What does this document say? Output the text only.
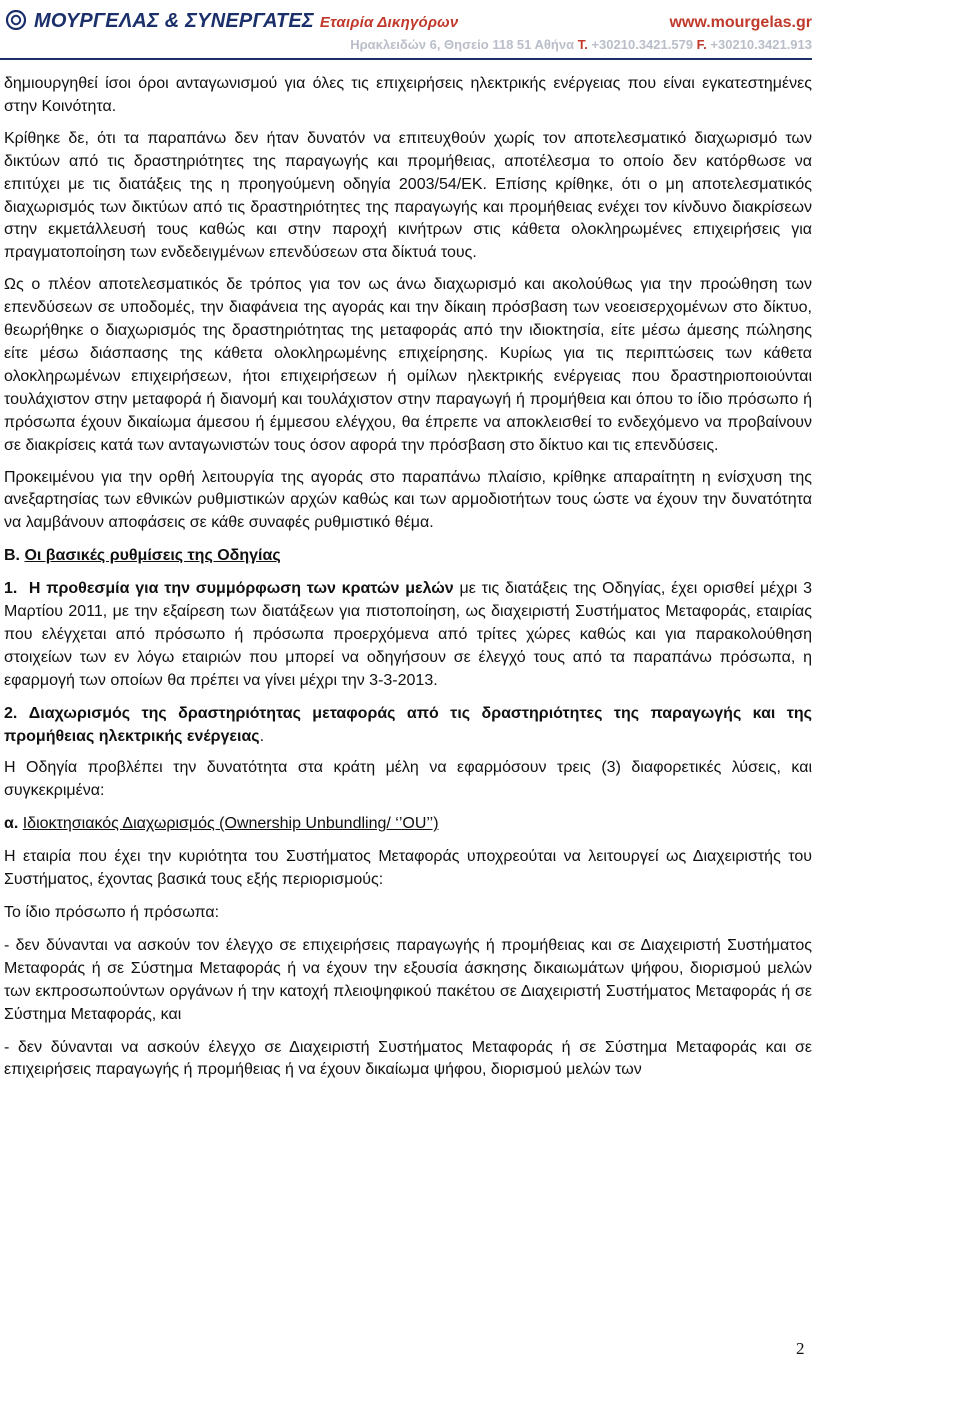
ΜΟΥΡΓΕΛΑΣ & ΣΥΝΕΡΓΑΤΕΣ Εταιρία Δικηγόρων	www.mourgelas.gr
Ηρακλειδών 6, Θησείο 118 51 Αθήνα Τ. +30210.3421.579 F. +30210.3421.913

δημιουργηθεί ίσοι όροι ανταγωνισμού για όλες τις επιχειρήσεις ηλεκτρικής ενέργειας που είναι εγκατεστημένες στην Κοινότητα.

Κρίθηκε δε, ότι τα παραπάνω δεν ήταν δυνατόν να επιτευχθούν χωρίς τον αποτελεσματικό διαχωρισμό των δικτύων από τις δραστηριότητες της παραγωγής και προμήθειας, αποτέλεσμα το οποίο δεν κατόρθωσε να επιτύχει με τις διατάξεις της η προηγούμενη οδηγία 2003/54/ΕΚ. Επίσης κρίθηκε, ότι ο μη αποτελεσματικός διαχωρισμός των δικτύων από τις δραστηριότητες της παραγωγής και προμήθειας ενέχει τον κίνδυνο διακρίσεων στην εκμετάλλευσή τους καθώς και στην παροχή κινήτρων στις κάθετα ολοκληρωμένες επιχειρήσεις για πραγματοποίηση των ενδεδειγμένων επενδύσεων στα δίκτυά τους.

Ως ο πλέον αποτελεσματικός δε τρόπος για τον ως άνω διαχωρισμό και ακολούθως για την προώθηση των επενδύσεων σε υποδομές, την διαφάνεια της αγοράς και την δίκαιη πρόσβαση των νεοεισερχομένων στο δίκτυο, θεωρήθηκε ο διαχωρισμός της δραστηριότητας της μεταφοράς από την ιδιοκτησία, είτε μέσω άμεσης πώλησης είτε μέσω διάσπασης της κάθετα ολοκληρωμένης επιχείρησης. Κυρίως για τις περιπτώσεις των κάθετα ολοκληρωμένων επιχειρήσεων, ήτοι επιχειρήσεων ή ομίλων ηλεκτρικής ενέργειας που δραστηριοποιούνται τουλάχιστον στην μεταφορά ή διανομή και τουλάχιστον στην παραγωγή ή προμήθεια και όπου το ίδιο πρόσωπο ή πρόσωπα έχουν δικαίωμα άμεσου ή έμμεσου ελέγχου, θα έπρεπε να αποκλεισθεί το ενδεχόμενο να προβαίνουν σε διακρίσεις κατά των ανταγωνιστών τους όσον αφορά την πρόσβαση στο δίκτυο και τις επενδύσεις.

Προκειμένου για την ορθή λειτουργία της αγοράς στο παραπάνω πλαίσιο, κρίθηκε απαραίτητη η ενίσχυση της ανεξαρτησίας των εθνικών ρυθμιστικών αρχών καθώς και των αρμοδιοτήτων τους ώστε να έχουν την δυνατότητα να λαμβάνουν αποφάσεις σε κάθε συναφές ρυθμιστικό θέμα.

Β. Οι βασικές ρυθμίσεις της Οδηγίας

1. Η προθεσμία για την συμμόρφωση των κρατών μελών με τις διατάξεις της Οδηγίας, έχει ορισθεί μέχρι 3 Μαρτίου 2011, με την εξαίρεση των διατάξεων για πιστοποίηση, ως διαχειριστή Συστήματος Μεταφοράς, εταιρίας που ελέγχεται από πρόσωπο ή πρόσωπα προερχόμενα από τρίτες χώρες καθώς και για παρακολούθηση στοιχείων των εν λόγω εταιριών που μπορεί να οδηγήσουν σε έλεγχό τους από τα παραπάνω πρόσωπα, η εφαρμογή των οποίων θα πρέπει να γίνει μέχρι την 3-3-2013.

2. Διαχωρισμός της δραστηριότητας μεταφοράς από τις δραστηριότητες της παραγωγής και της προμήθειας ηλεκτρικής ενέργειας.

Η Οδηγία προβλέπει την δυνατότητα στα κράτη μέλη να εφαρμόσουν τρεις (3) διαφορετικές λύσεις, και συγκεκριμένα:

α. Ιδιοκτησιακός Διαχωρισμός (Ownership Unbundling/ ‘’OU’’)

Η εταιρία που έχει την κυριότητα του Συστήματος Μεταφοράς υποχρεούται να λειτουργεί ως Διαχειριστής του Συστήματος, έχοντας βασικά τους εξής περιορισμούς:

Το ίδιο πρόσωπο ή πρόσωπα:

- δεν δύνανται να ασκούν τον έλεγχο σε επιχειρήσεις παραγωγής ή προμήθειας και σε Διαχειριστή Συστήματος Μεταφοράς ή σε Σύστημα Μεταφοράς ή να έχουν την εξουσία άσκησης δικαιωμάτων ψήφου, διορισμού μελών των εκπροσωπούντων οργάνων ή την κατοχή πλειοψηφικού πακέτου σε Διαχειριστή Συστήματος Μεταφοράς ή σε Σύστημα Μεταφοράς, και

- δεν δύνανται να ασκούν έλεγχο σε Διαχειριστή Συστήματος Μεταφοράς ή σε Σύστημα Μεταφοράς και σε επιχειρήσεις παραγωγής ή προμήθειας ή να έχουν δικαίωμα ψήφου, διορισμού μελών των

2
